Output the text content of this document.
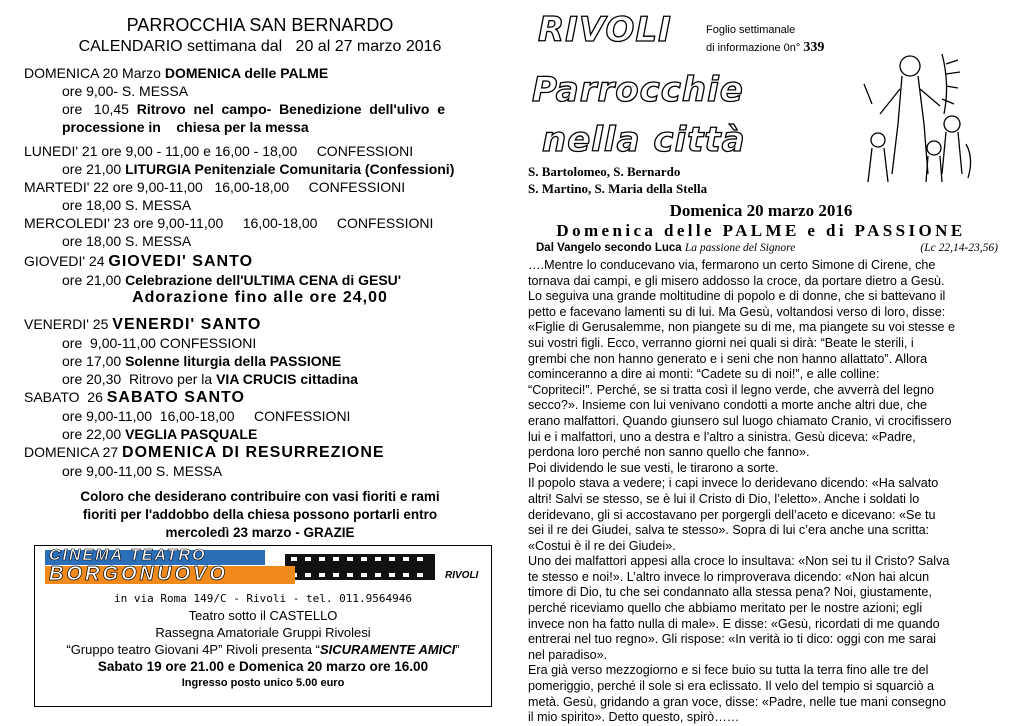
PARROCCHIA SAN BERNARDO
CALENDARIO settimana dal   20 al 27 marzo 2016
DOMENICA 20 Marzo DOMENICA delle PALME
ore 9,00- S. MESSA
ore   10,45  Ritrovo  nel  campo-  Benedizione  dell'ulivo  e
processione in    chiesa per la messa
LUNEDI' 21 ore 9,00 - 11,00 e 16,00 - 18,00     CONFESSIONI
ore 21,00 LITURGIA Penitenziale Comunitaria (Confessioni)
MARTEDI' 22 ore 9,00-11,00   16,00-18,00     CONFESSIONI
ore 18,00 S. MESSA
MERCOLEDI' 23 ore 9,00-11,00     16,00-18,00     CONFESSIONI
ore 18,00 S. MESSA
GIOVEDI' 24 GIOVEDI' SANTO
ore 21,00 Celebrazione dell'ULTIMA CENA di GESU'
Adorazione fino alle ore 24,00
VENERDI' 25 VENERDI' SANTO
ore  9,00-11,00 CONFESSIONI
ore 17,00 Solenne liturgia della PASSIONE
ore 20,30  Ritrovo per la VIA CRUCIS cittadina
SABATO  26 SABATO SANTO
ore 9,00-11,00  16,00-18,00     CONFESSIONI
ore 22,00 VEGLIA PASQUALE
DOMENICA 27 DOMENICA DI RESURREZIONE
ore 9,00-11,00 S. MESSA
Coloro che desiderano contribuire con vasi fioriti e rami
fioriti per l'addobbo della chiesa possono portarli entro
mercoledì 23 marzo - GRAZIE
CINEMA TEATRO
BORGONUOVO	RIVOLI
in via Roma 149/C - Rivoli - tel. 011.9564946
Teatro sotto il CASTELLO
Rassegna Amatoriale Gruppi Rivolesi
“Gruppo teatro Giovani 4P” Rivoli presenta “SICURAMENTE AMICI”
Sabato 19 ore 21.00 e Domenica 20 marzo ore 16.00
Ingresso posto unico 5.00 euro
RIVOLI	Foglio settimanale
di informazione 0n° 339
Parrocchie
nella città
S. Bartolomeo, S. Bernardo
S. Martino, S. Maria della Stella
Domenica 20 marzo 2016
Domenica delle PALME e di PASSIONE
Dal Vangelo secondo Luca La passione del Signore	(Lc 22,14-23,56)
….Mentre lo conducevano via, fermarono un certo Simone di Cirene, che
tornava dai campi, e gli misero addosso la croce, da portare dietro a Gesù.
Lo seguiva una grande moltitudine di popolo e di donne, che si battevano il
petto e facevano lamenti su di lui. Ma Gesù, voltandosi verso di loro, disse:
«Figlie di Gerusalemme, non piangete su di me, ma piangete su voi stesse e
sui vostri figli. Ecco, verranno giorni nei quali si dirà: “Beate le sterili, i
grembi che non hanno generato e i seni che non hanno allattato”. Allora
cominceranno a dire ai monti: “Cadete su di noi!”, e alle colline:
“Copriteci!”. Perché, se si tratta così il legno verde, che avverrà del legno
secco?». Insieme con lui venivano condotti a morte anche altri due, che
erano malfattori. Quando giunsero sul luogo chiamato Cranio, vi crocifissero
lui e i malfattori, uno a destra e l’altro a sinistra. Gesù diceva: «Padre,
perdona loro perché non sanno quello che fanno».
Poi dividendo le sue vesti, le tirarono a sorte.
Il popolo stava a vedere; i capi invece lo deridevano dicendo: «Ha salvato
altri! Salvi se stesso, se è lui il Cristo di Dio, l’eletto». Anche i soldati lo
deridevano, gli si accostavano per porgergli dell’aceto e dicevano: «Se tu
sei il re dei Giudei, salva te stesso». Sopra di lui c’era anche una scritta:
«Costui è il re dei Giudei».
Uno dei malfattori appesi alla croce lo insultava: «Non sei tu il Cristo? Salva
te stesso e noi!». L’altro invece lo rimproverava dicendo: «Non hai alcun
timore di Dio, tu che sei condannato alla stessa pena? Noi, giustamente,
perché riceviamo quello che abbiamo meritato per le nostre azioni; egli
invece non ha fatto nulla di male». E disse: «Gesù, ricordati di me quando
entrerai nel tuo regno». Gli rispose: «In verità io ti dico: oggi con me sarai
nel paradiso».
Era già verso mezzogiorno e si fece buio su tutta la terra fino alle tre del
pomeriggio, perché il sole si era eclissato. Il velo del tempio si squarciò a
metà. Gesù, gridando a gran voce, disse: «Padre, nelle tue mani consegno
il mio spirito». Detto questo, spirò……
